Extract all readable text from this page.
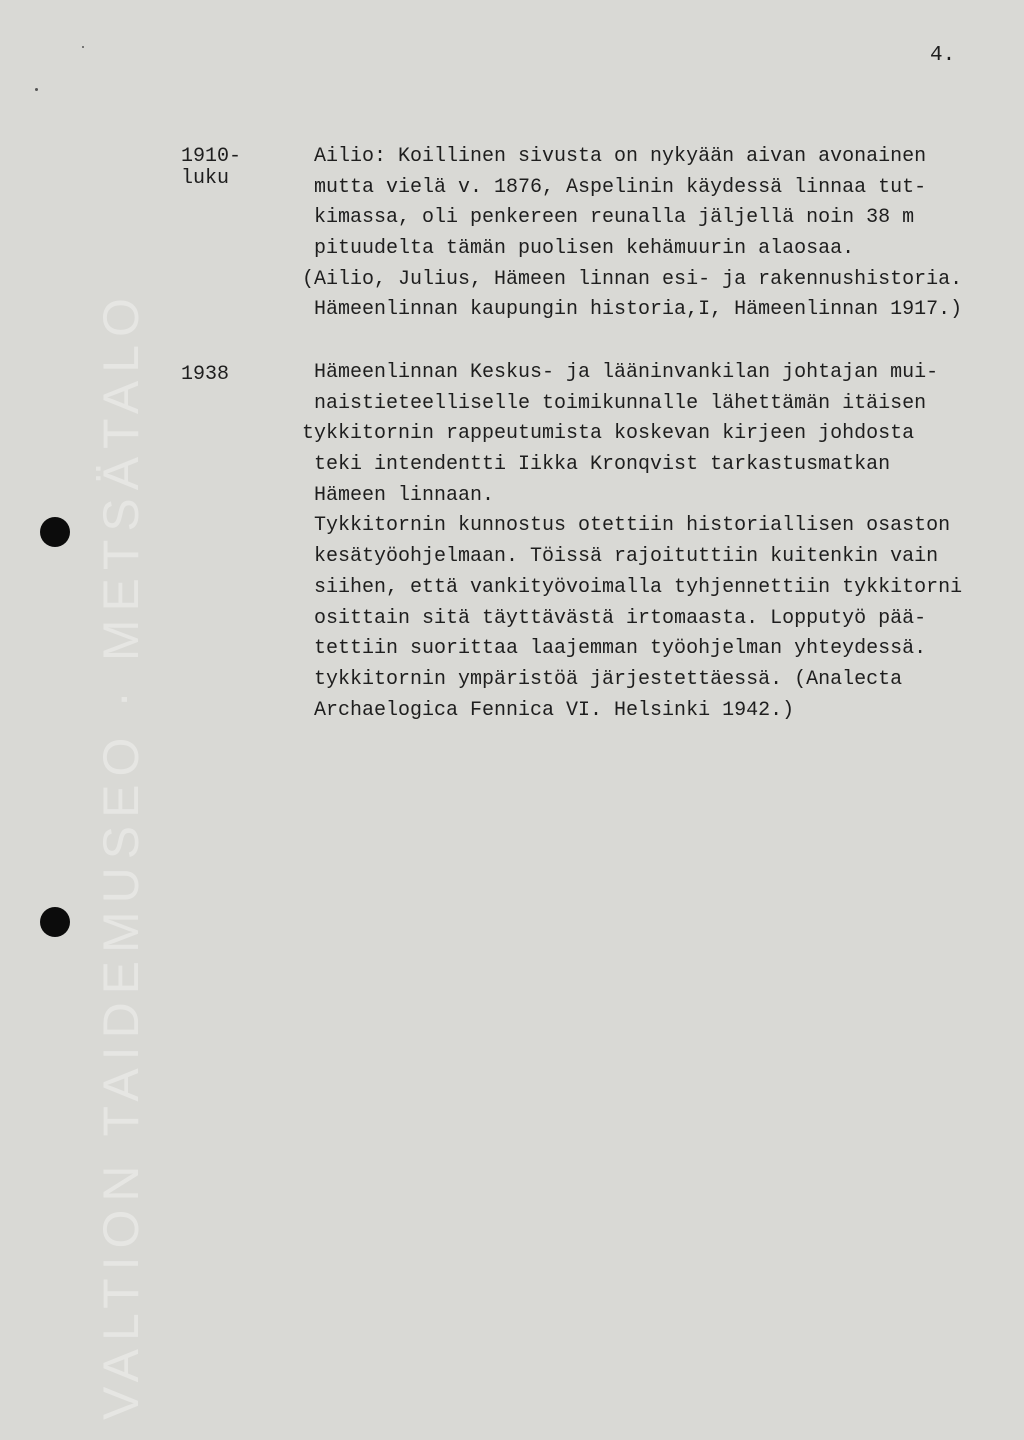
VALTION TAIDEMUSEO · METSÄTALO
4.
1910-
luku
Ailio: Koillinen sivusta on nykyään aivan avonainen
mutta vielä v. 1876, Aspelinin käydessä linnaa tut-
kimassa, oli penkereen reunalla jäljellä noin 38 m
pituudelta tämän puolisen kehämuurin alaosaa.
(Ailio, Julius, Hämeen linnan esi- ja rakennushistoria.
Hämeenlinnan kaupungin historia,I, Hämeenlinnan 1917.)
1938	Hämeenlinnan Keskus- ja lääninvankilan johtajan mui-
naistieteelliselle toimikunnalle lähettämän itäisen
tykkitornin rappeutumista koskevan kirjeen johdosta
teki intendentti Iikka Kronqvist tarkastusmatkan
Hämeen linnaan.
Tykkitornin kunnostus otettiin historiallisen osaston
kesätyöohjelmaan. Töissä rajoituttiin kuitenkin vain
siihen, että vankityövoimalla tyhjennettiin tykkitorni
osittain sitä täyttävästä irtomaasta. Lopputyö pää-
tettiin suorittaa laajemman työohjelman yhteydessä.
tykkitornin ympäristöä järjestettäessä. (Analecta
Archaelogica Fennica VI. Helsinki 1942.)
